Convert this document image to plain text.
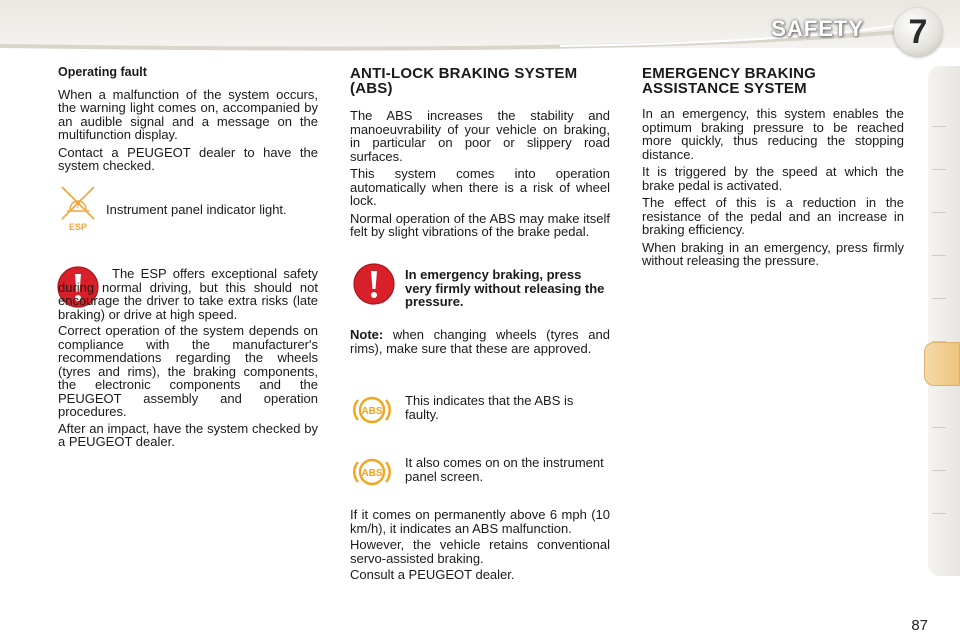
SAFETY	7
Operating fault

When a malfunction of the system occurs, the warning light comes on, accompanied by an audible signal and a message on the multifunction display.

Contact a PEUGEOT dealer to have the system checked.

?
ESP
Instrument panel indicator light.

The ESP offers exceptional safety during normal driving, but this should not encourage the driver to take extra risks (late braking) or drive at high speed.

Correct operation of the system depends on compliance with the manufacturer's recommendations regarding the wheels (tyres and rims), the braking components, the electronic components and the PEUGEOT assembly and operation procedures.

After an impact, have the system checked by a PEUGEOT dealer.

ANTI-LOCK BRAKING SYSTEM (ABS)

The ABS increases the stability and manoeuvrability of your vehicle on braking, in particular on poor or slippery road surfaces.

This system comes into operation automatically when there is a risk of wheel lock.

Normal operation of the ABS may make itself felt by slight vibrations of the brake pedal.

In emergency braking, press very firmly without releasing the pressure.

Note: when changing wheels (tyres and rims), make sure that these are approved.

ABS
This indicates that the ABS is faulty.
ABS
It also comes on on the instrument panel screen.

If it comes on permanently above 6 mph (10 km/h), it indicates an ABS malfunction.

However, the vehicle retains conventional servo-assisted braking.

Consult a PEUGEOT dealer.

EMERGENCY BRAKING ASSISTANCE SYSTEM

In an emergency, this system enables the optimum braking pressure to be reached more quickly, thus reducing the stopping distance.

It is triggered by the speed at which the brake pedal is activated.

The effect of this is a reduction in the resistance of the pedal and an increase in braking efficiency.

When braking in an emergency, press firmly without releasing the pressure.

87
